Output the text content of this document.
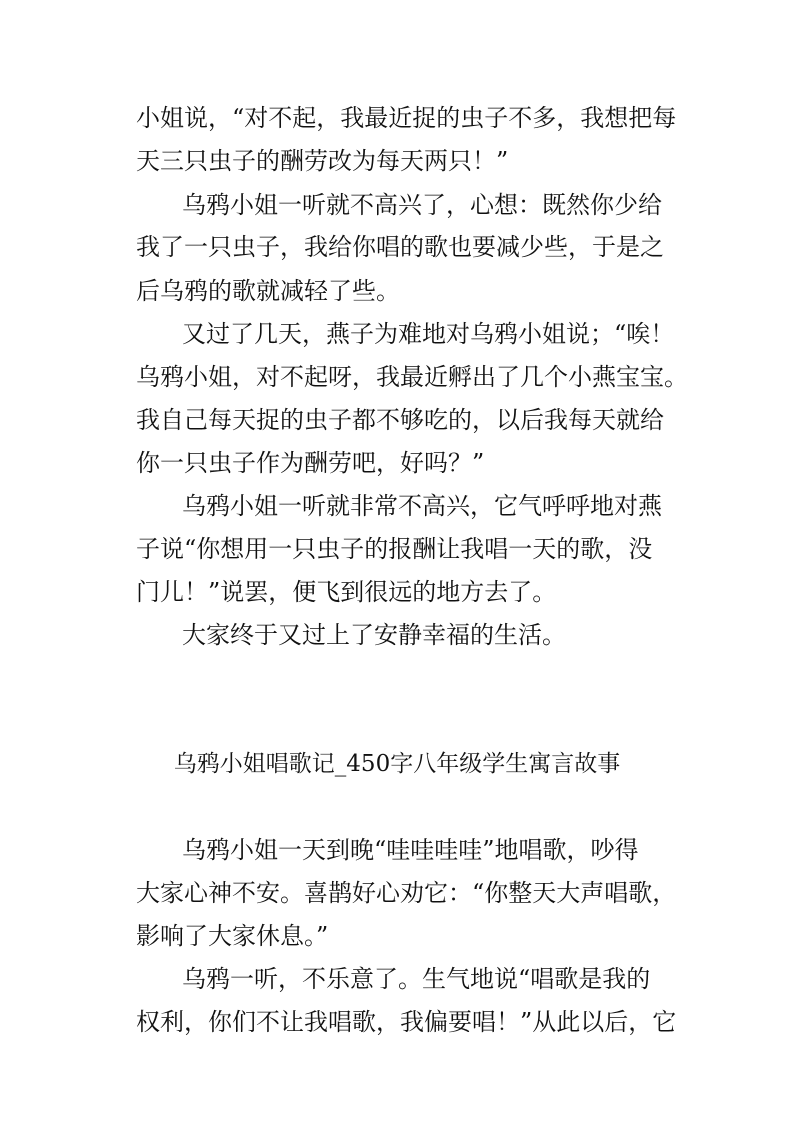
小姐说，“对不起，我最近捉的虫子不多，我想把每

天三只虫子的酬劳改为每天两只！”

乌鸦小姐一听就不高兴了，心想：既然你少给

我了一只虫子，我给你唱的歌也要减少些，于是之

后乌鸦的歌就减轻了些。

又过了几天，燕子为难地对乌鸦小姐说；“唉！

乌鸦小姐，对不起呀，我最近孵出了几个小燕宝宝。

我自己每天捉的虫子都不够吃的，以后我每天就给

你一只虫子作为酬劳吧，好吗？”

乌鸦小姐一听就非常不高兴，它气呼呼地对燕

子说“你想用一只虫子的报酬让我唱一天的歌，没

门儿！”说罢，便飞到很远的地方去了。

大家终于又过上了安静幸福的生活。

乌鸦小姐唱歌记_450字八年级学生寓言故事

乌鸦小姐一天到晚“哇哇哇哇”地唱歌，吵得

大家心神不安。喜鹊好心劝它：“你整天大声唱歌，

影响了大家休息。”

乌鸦一听，不乐意了。生气地说“唱歌是我的

权利，你们不让我唱歌，我偏要唱！”从此以后，它
